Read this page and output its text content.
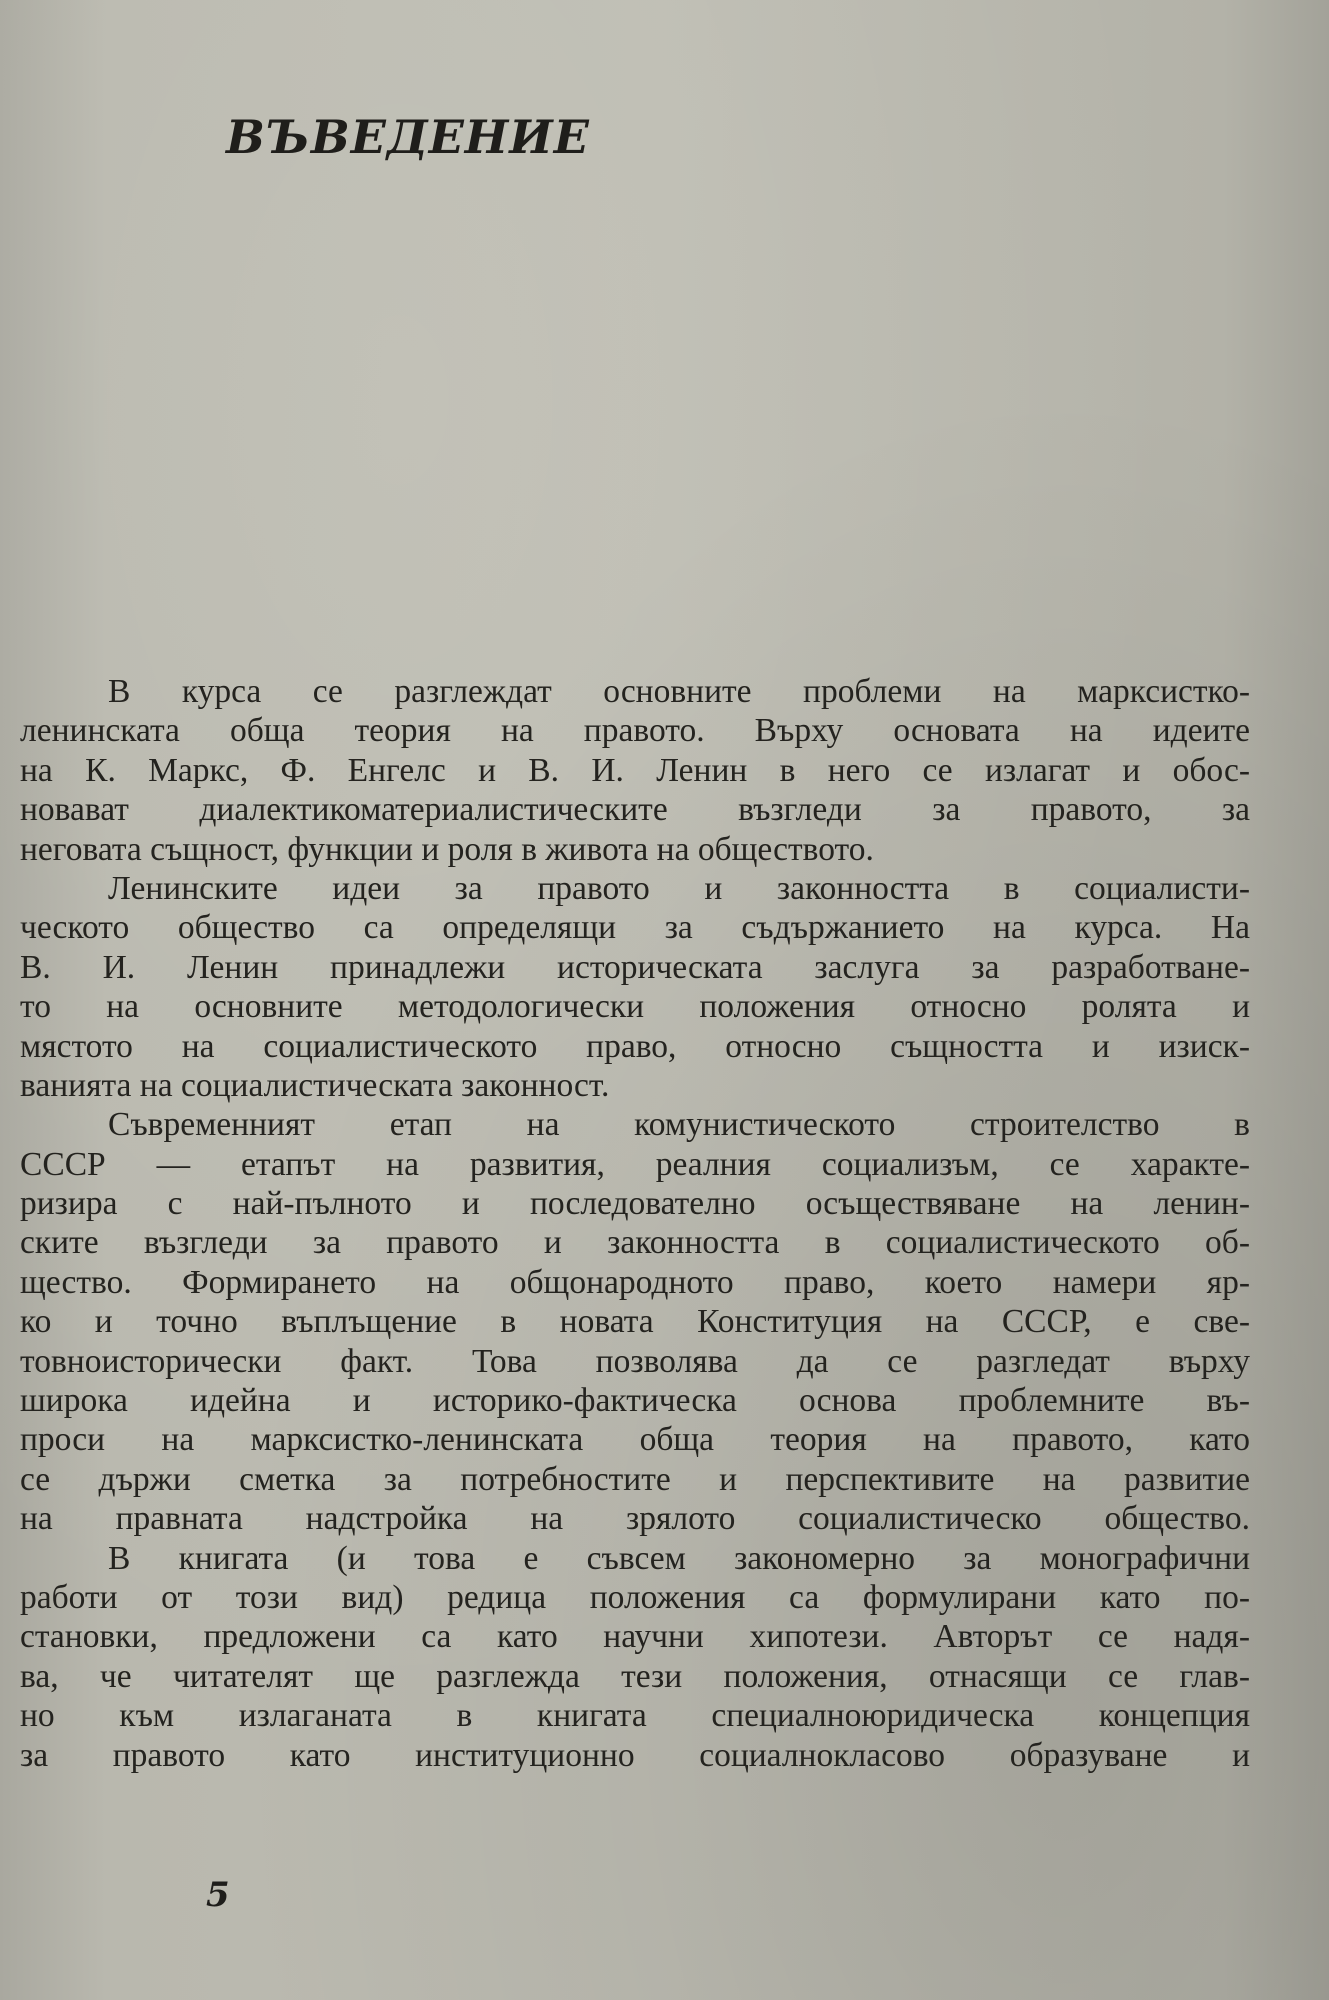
ВЪВЕДЕНИЕ
В курса се разглеждат основните проблеми на марксистко-
ленинската обща теория на правото. Върху основата на идеите
на К. Маркс, Ф. Енгелс и В. И. Ленин в него се излагат и обос-
новават диалектикоматериалистическите възгледи за правото, за
неговата същност, функции и роля в живота на обществото.
Ленинските идеи за правото и законността в социалисти-
ческото общество са определящи за съдържанието на курса. На
В. И. Ленин принадлежи историческата заслуга за разработване-
то на основните методологически положения относно ролята и
мястото на социалистическото право, относно същността и изиск-
ванията на социалистическата законност.
Съвременният етап на комунистическото строителство в
СССР — етапът на развития, реалния социализъм, се характе-
ризира с най-пълното и последователно осъществяване на ленин-
ските възгледи за правото и законността в социалистическото об-
щество. Формирането на общонародното право, което намери яр-
ко и точно въплъщение в новата Конституция на СССР, е све-
товноисторически факт. Това позволява да се разгледат върху
широка идейна и историко-фактическа основа проблемните въ-
проси на марксистко-ленинската обща теория на правото, като
се държи сметка за потребностите и перспективите на развитие
на правната надстройка на зрялото социалистическо общество.
В книгата (и това е съвсем закономерно за монографични
работи от този вид) редица положения са формулирани като по-
становки, предложени са като научни хипотези. Авторът се надя-
ва, че читателят ще разглежда тези положения, отнасящи се глав-
но към излаганата в книгата специалноюридическа концепция
за правото като институционно социалнокласово образуване и
5
